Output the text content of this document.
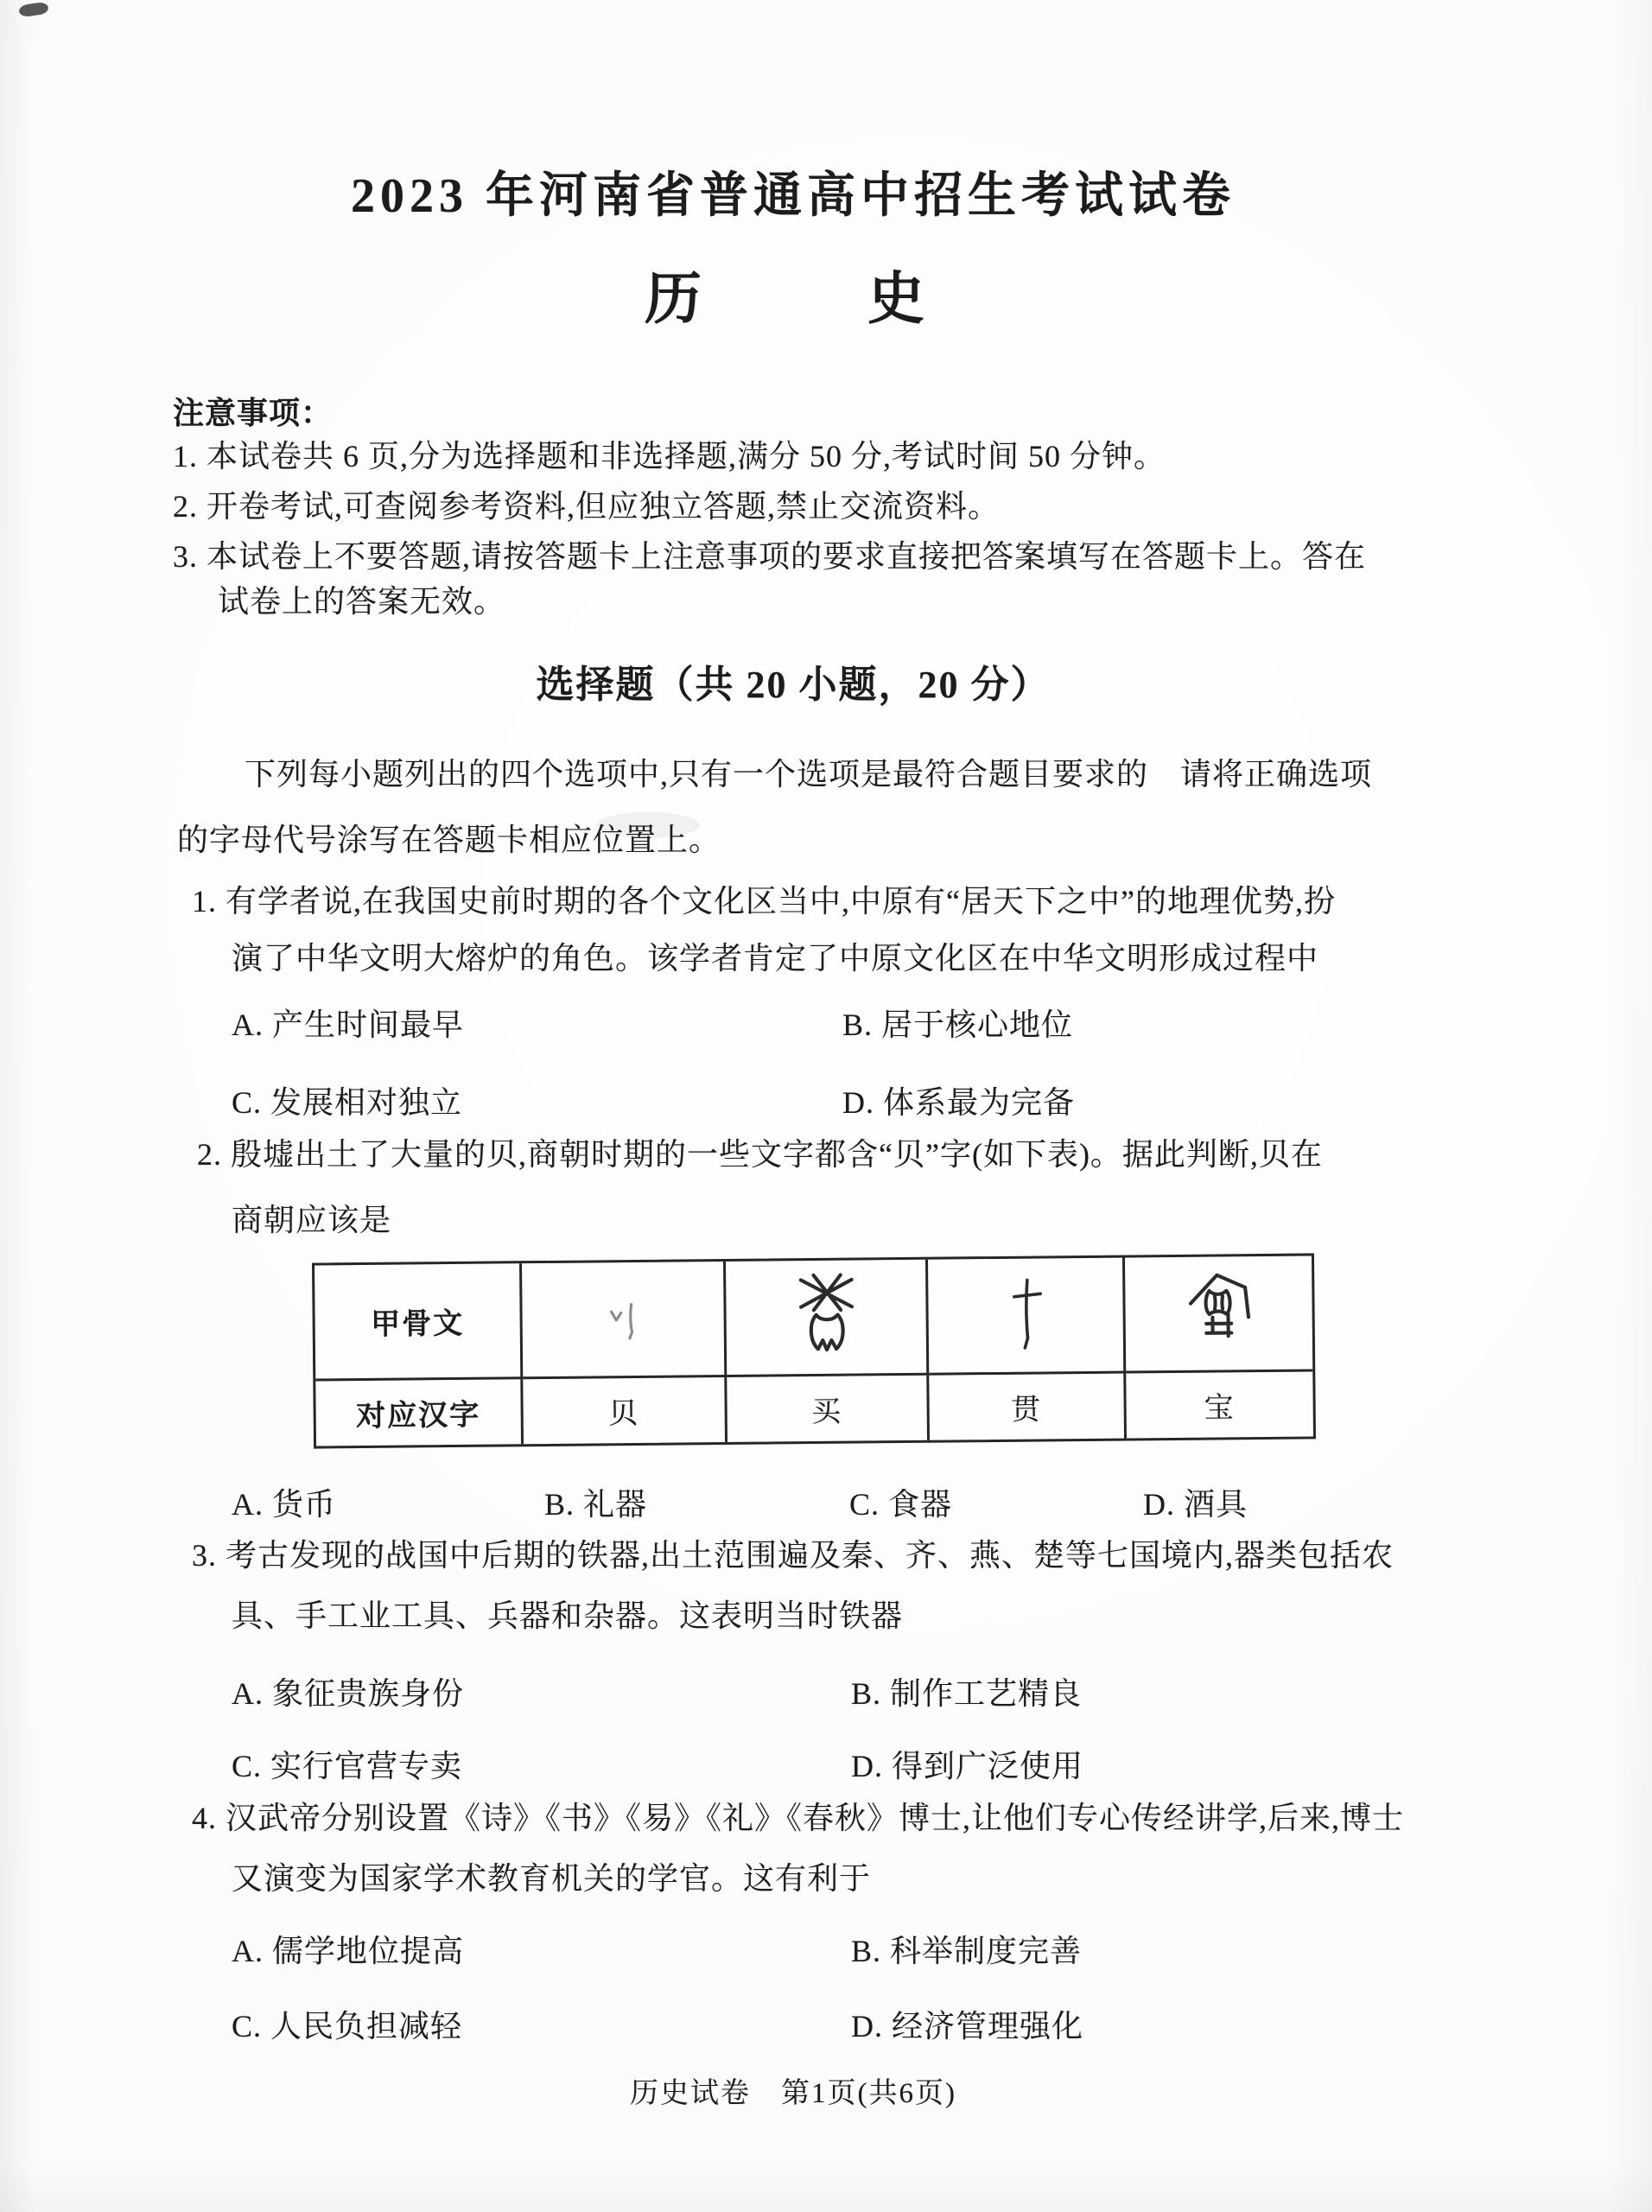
2023 年河南省普通高中招生考试试卷
历　　史
注意事项：
1. 本试卷共 6 页,分为选择题和非选择题,满分 50 分,考试时间 50 分钟。
2. 开卷考试,可查阅参考资料,但应独立答题,禁止交流资料。
3. 本试卷上不要答题,请按答题卡上注意事项的要求直接把答案填写在答题卡上。答在
试卷上的答案无效。
选择题（共 20 小题，20 分）
下列每小题列出的四个选项中,只有一个选项是最符合题目要求的　请将正确选项
的字母代号涂写在答题卡相应位置上。
1. 有学者说,在我国史前时期的各个文化区当中,中原有“居天下之中”的地理优势,扮
演了中华文明大熔炉的角色。该学者肯定了中原文化区在中华文明形成过程中
A. 产生时间最早	B. 居于核心地位
C. 发展相对独立	D. 体系最为完备
2. 殷墟出土了大量的贝,商朝时期的一些文字都含“贝”字(如下表)。据此判断,贝在
商朝应该是
甲骨文
对应汉字	贝	买	贯	宝
A. 货币	B. 礼器	C. 食器	D. 酒具
3. 考古发现的战国中后期的铁器,出土范围遍及秦、齐、燕、楚等七国境内,器类包括农
具、手工业工具、兵器和杂器。这表明当时铁器
A. 象征贵族身份	B. 制作工艺精良
C. 实行官营专卖	D. 得到广泛使用
4. 汉武帝分别设置《诗》《书》《易》《礼》《春秋》博士,让他们专心传经讲学,后来,博士
又演变为国家学术教育机关的学官。这有利于
A. 儒学地位提高	B. 科举制度完善
C. 人民负担减轻	D. 经济管理强化
历史试卷　第1页(共6页)
